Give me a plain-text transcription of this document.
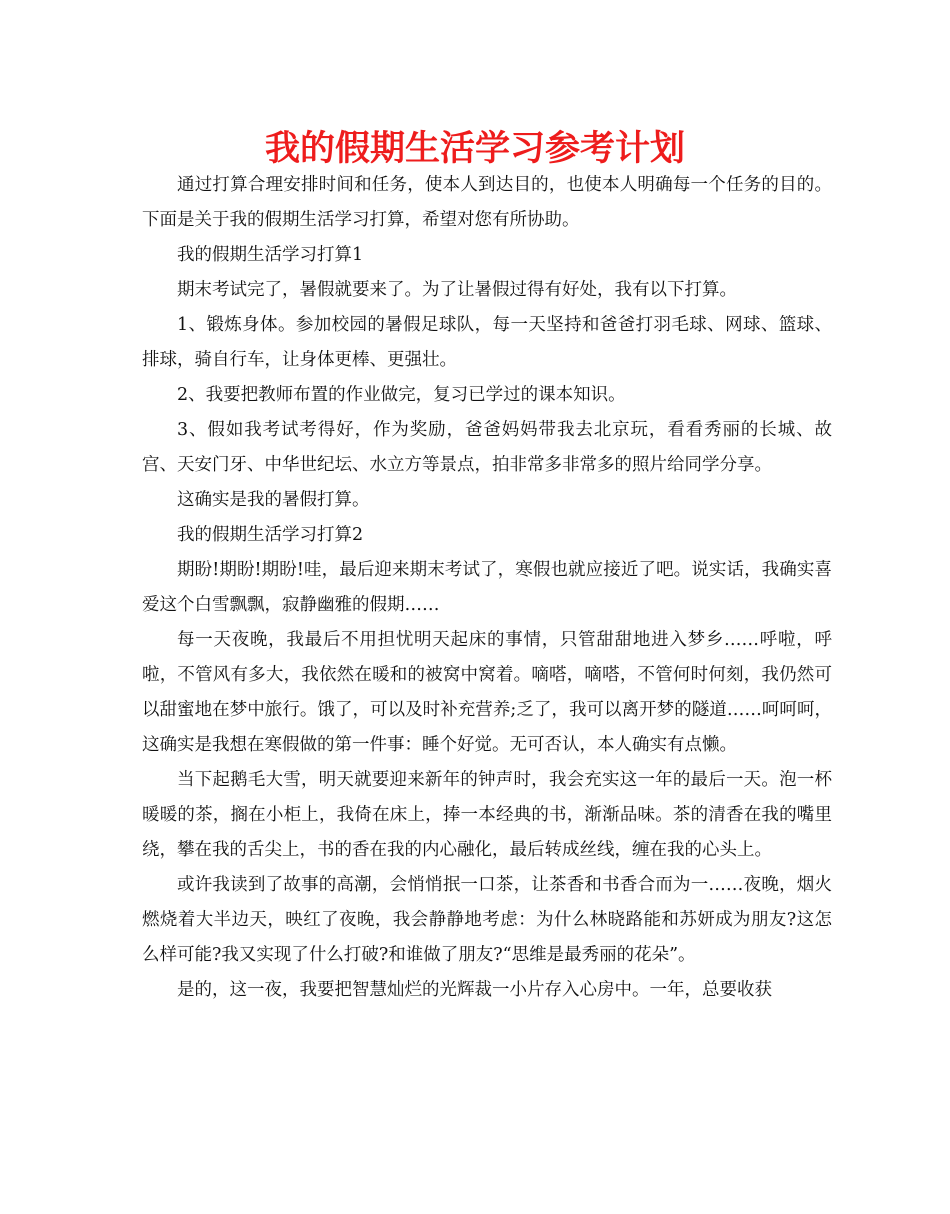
我的假期生活学习参考计划

通过打算合理安排时间和任务，使本人到达目的，也使本人明确每一个任务的目的。下面是关于我的假期生活学习打算，希望对您有所协助。

我的假期生活学习打算1

期末考试完了，暑假就要来了。为了让暑假过得有好处，我有以下打算。

1、锻炼身体。参加校园的暑假足球队，每一天坚持和爸爸打羽毛球、网球、篮球、排球，骑自行车，让身体更棒、更强壮。

2、我要把教师布置的作业做完，复习已学过的课本知识。

3、假如我考试考得好，作为奖励，爸爸妈妈带我去北京玩，看看秀丽的长城、故宫、天安门牙、中华世纪坛、水立方等景点，拍非常多非常多的照片给同学分享。

这确实是我的暑假打算。

我的假期生活学习打算2

期盼!期盼!期盼!哇，最后迎来期末考试了，寒假也就应接近了吧。说实话，我确实喜爱这个白雪飘飘，寂静幽雅的假期……

每一天夜晚，我最后不用担忧明天起床的事情，只管甜甜地进入梦乡……呼啦，呼啦，不管风有多大，我依然在暖和的被窝中窝着。嘀嗒，嘀嗒，不管何时何刻，我仍然可以甜蜜地在梦中旅行。饿了，可以及时补充营养;乏了，我可以离开梦的隧道……呵呵呵，这确实是我想在寒假做的第一件事：睡个好觉。无可否认，本人确实有点懒。

当下起鹅毛大雪，明天就要迎来新年的钟声时，我会充实这一年的最后一天。泡一杯暖暖的茶，搁在小柜上，我倚在床上，捧一本经典的书，渐渐品味。茶的清香在我的嘴里绕，攀在我的舌尖上，书的香在我的内心融化，最后转成丝线，缠在我的心头上。

或许我读到了故事的高潮，会悄悄抿一口茶，让茶香和书香合而为一……夜晚，烟火燃烧着大半边天，映红了夜晚，我会静静地考虑：为什么林晓路能和苏妍成为朋友?这怎么样可能?我又实现了什么打破?和谁做了朋友?“思维是最秀丽的花朵”。

是的，这一夜，我要把智慧灿烂的光辉裁一小片存入心房中。一年，总要收获
